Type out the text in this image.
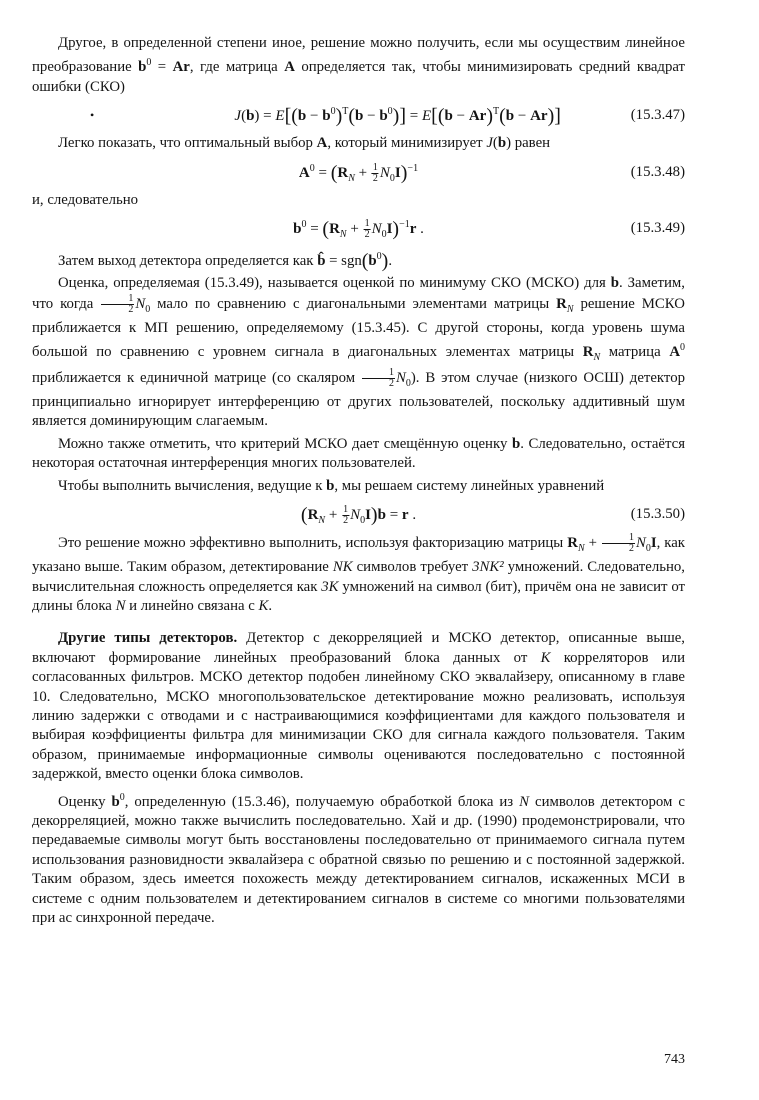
Другое, в определенной степени иное, решение можно получить, если мы осуществим линейное преобразование $b^0 = Ar$, где матрица A определяется так, чтобы минимизировать средний квадрат ошибки (СКО)

•	$J(b) = E[(b - b^0)^T(b - b^0)] = E[(b - Ar)^T(b - Ar)]$	(15.3.47)

Легко показать, что оптимальный выбор A, который минимизирует J(b) равен

$A^0 = (R_N + \frac{1}{2} N_0I)^{-1}$	(15.3.48)

и, следовательно

$b^0 = (R_N + \frac{1}{2} N_0I)^{-1}r$ .	(15.3.49)

Затем выход детектора определяется как b̂ = $sgn(b^0)$.

Оценка, определяемая (15.3.49), называется оценкой по минимуму СКО (МСКО) для b. Заметим, что когда $\frac{1}{2} N_0$ мало по сравнению с диагональными элементами матрицы $R_N$ решение МСКО приближается к МП решению, определяемому (15.3.45). С другой стороны, когда уровень шума большой по сравнению с уровнем сигнала в диагональных элементах матрицы $R_N$ матрица $A^0$ приближается к единичной матрице (со скаляром $\frac{1}{2} N_0$). В этом случае (низкого ОСШ) детектор принципиально игнорирует интерференцию от других пользователей, поскольку аддитивный шум является доминирующим слагаемым.

Можно также отметить, что критерий МСКО дает смещённую оценку b. Следовательно, остаётся некоторая остаточная интерференция многих пользователей.

Чтобы выполнить вычисления, ведущие к b, мы решаем систему линейных уравнений

$(R_N + \frac{1}{2} N_0I)b = r$ .	(15.3.50)

Это решение можно эффективно выполнить, используя факторизацию матрицы $R_N + \frac{1}{2} N_0I$, как указано выше. Таким образом, детектирование NK символов требует 3NK² умножений. Следовательно, вычислительная сложность определяется как 3K умножений на символ (бит), причём она не зависит от длины блока N и линейно связана с K.

Другие типы детекторов. Детектор с декорреляцией и МСКО детектор, описанные выше, включают формирование линейных преобразований блока данных от K корреляторов или согласованных фильтров. МСКО детектор подобен линейному СКО эквалайзеру, описанному в главе 10. Следовательно, МСКО многопользовательское детектирование можно реализовать, используя линию задержки с отводами и с настраивающимися коэффициентами для каждого пользователя и выбирая коэффициенты фильтра для минимизации СКО для сигнала каждого пользователя. Таким образом, принимаемые информационные символы оцениваются последовательно с постоянной задержкой, вместо оценки блока символов.

Оценку $b^0$, определенную (15.3.46), получаемую обработкой блока из N символов детектором с декорреляцией, можно также вычислить последовательно. Хай и др. (1990) продемонстрировали, что передаваемые символы могут быть восстановлены последовательно от принимаемого сигнала путем использования разновидности эквалайзера с обратной связью по решению и с постоянной задержкой. Таким образом, здесь имеется похожесть между детектированием сигналов, искаженных МСИ в системе с одним пользователем и детектированием сигналов в системе со многими пользователями при ас синхронной передаче.

743
